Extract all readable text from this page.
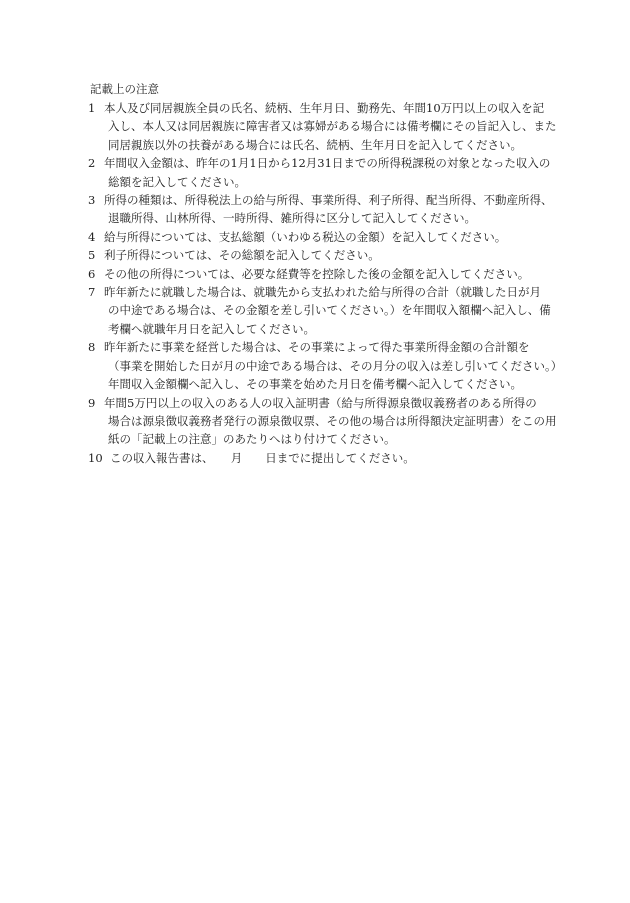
記載上の注意
1 本人及び同居親族全員の氏名、続柄、生年月日、勤務先、年間10万円以上の収入を記
入し、本人又は同居親族に障害者又は寡婦がある場合には備考欄にその旨記入し、また
同居親族以外の扶養がある場合には氏名、続柄、生年月日を記入してください。
2 年間収入金額は、昨年の1月1日から12月31日までの所得税課税の対象となった収入の
総額を記入してください。
3 所得の種類は、所得税法上の給与所得、事業所得、利子所得、配当所得、不動産所得、
退職所得、山林所得、一時所得、雑所得に区分して記入してください。
4 給与所得については、支払総額（いわゆる税込の金額）を記入してください。
5 利子所得については、その総額を記入してください。
6 その他の所得については、必要な経費等を控除した後の金額を記入してください。
7 昨年新たに就職した場合は、就職先から支払われた給与所得の合計（就職した日が月
の中途である場合は、その金額を差し引いてください。）を年間収入額欄へ記入し、備
考欄へ就職年月日を記入してください。
8 昨年新たに事業を経営した場合は、その事業によって得た事業所得金額の合計額を
（事業を開始した日が月の中途である場合は、その月分の収入は差し引いてください。）
年間収入金額欄へ記入し、その事業を始めた月日を備考欄へ記入してください。
9 年間5万円以上の収入のある人の収入証明書（給与所得源泉徴収義務者のある所得の
場合は源泉徴収義務者発行の源泉徴収票、その他の場合は所得額決定証明書）をこの用
紙の「記載上の注意」のあたりへはり付けてください。
10 この収入報告書は、　　月　　日までに提出してください。
